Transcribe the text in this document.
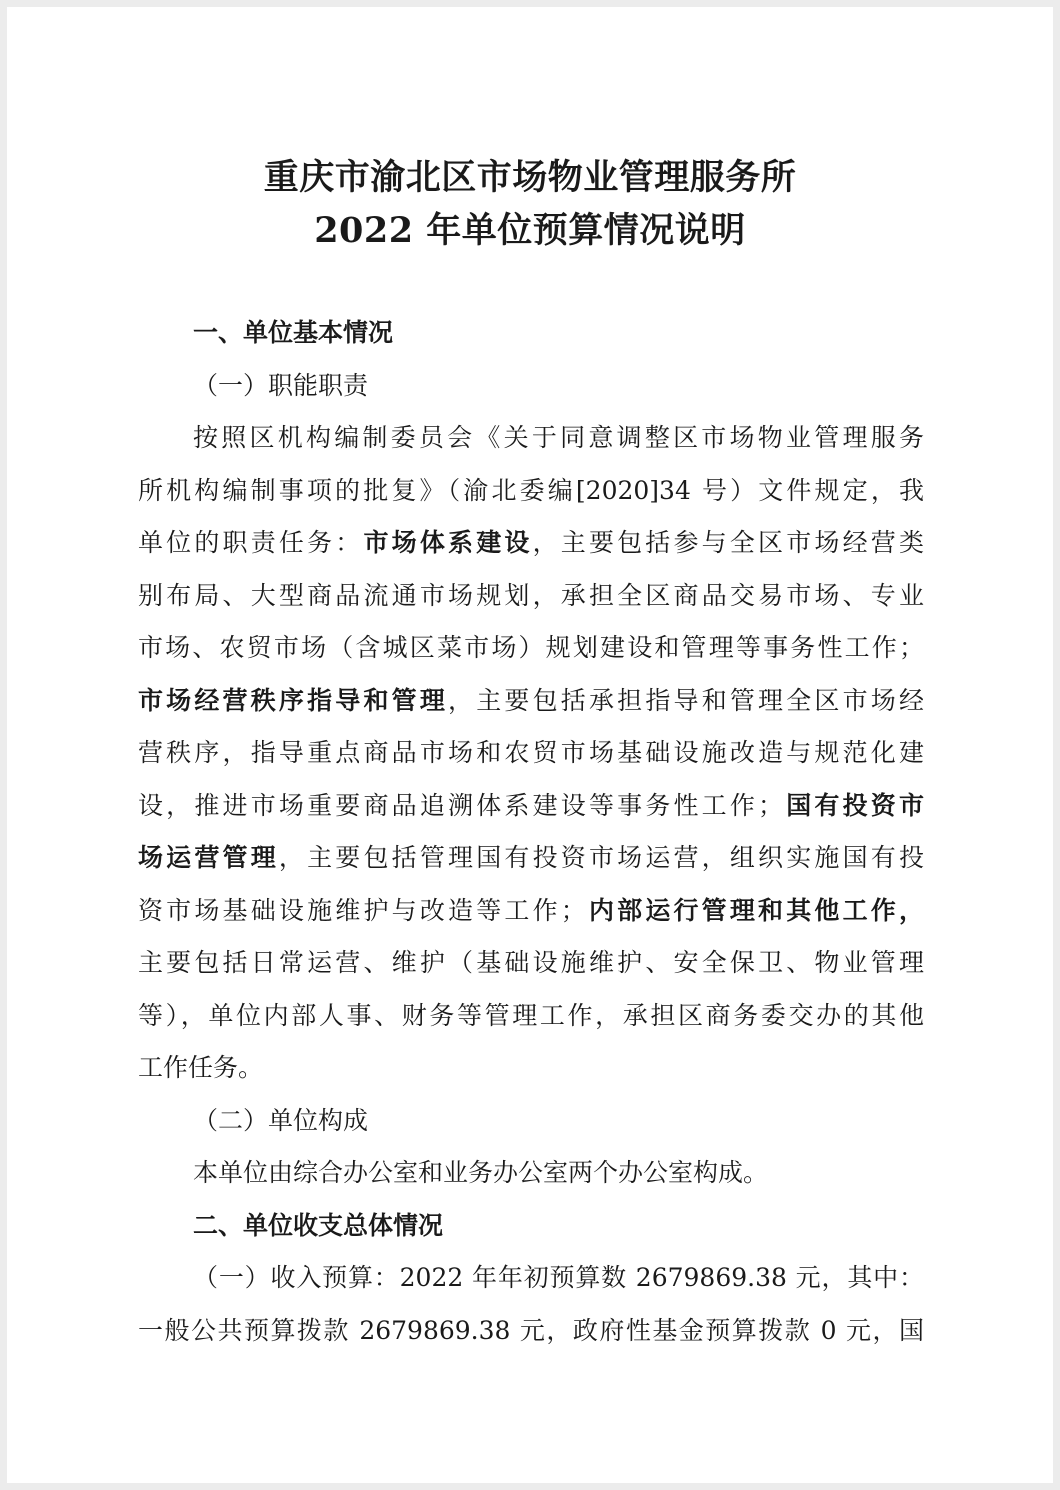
重庆市渝北区市场物业管理服务所
2022 年单位预算情况说明
一、单位基本情况
（一）职能职责
按照区机构编制委员会《关于同意调整区市场物业管理服务
所机构编制事项的批复》（渝北委编[2020]34 号）文件规定，我
单位的职责任务：市场体系建设，主要包括参与全区市场经营类
别布局、大型商品流通市场规划，承担全区商品交易市场、专业
市场、农贸市场（含城区菜市场）规划建设和管理等事务性工作；
市场经营秩序指导和管理，主要包括承担指导和管理全区市场经
营秩序，指导重点商品市场和农贸市场基础设施改造与规范化建
设，推进市场重要商品追溯体系建设等事务性工作；国有投资市
场运营管理，主要包括管理国有投资市场运营，组织实施国有投
资市场基础设施维护与改造等工作；内部运行管理和其他工作，
主要包括日常运营、维护（基础设施维护、安全保卫、物业管理
等），单位内部人事、财务等管理工作，承担区商务委交办的其他
工作任务。
（二）单位构成
本单位由综合办公室和业务办公室两个办公室构成。
二、单位收支总体情况
（一）收入预算：2022 年年初预算数 2679869.38 元，其中：
一般公共预算拨款 2679869.38 元，政府性基金预算拨款 0 元，国
